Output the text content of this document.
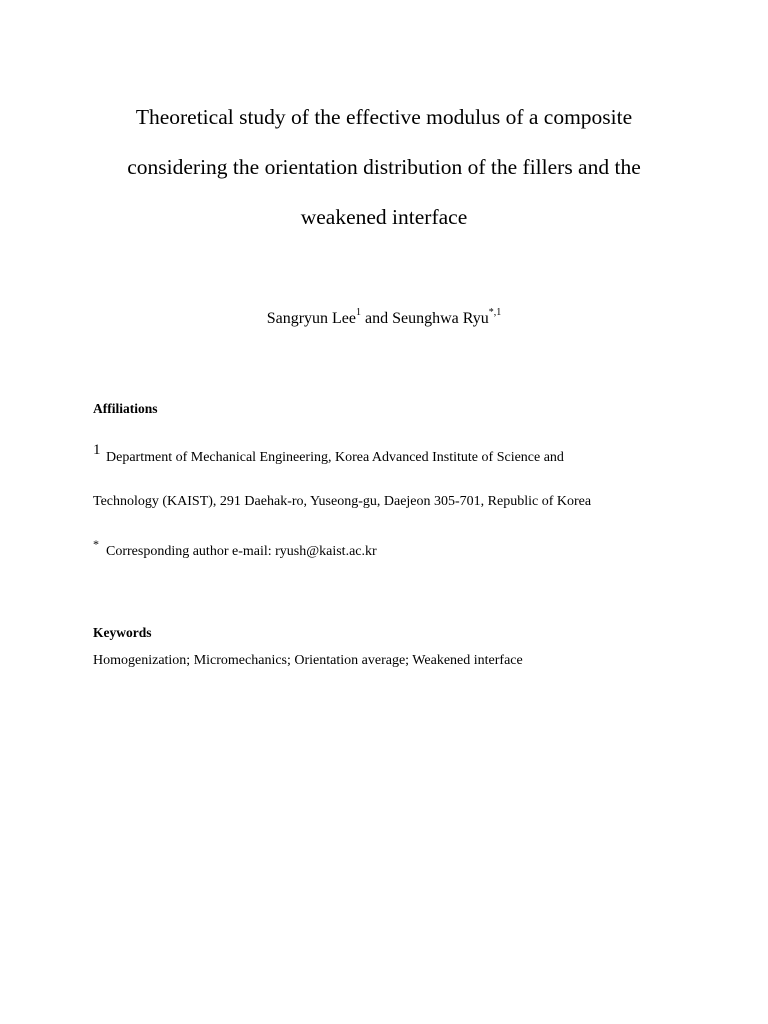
Theoretical study of the effective modulus of a composite
considering the orientation distribution of the fillers and the
weakened interface
Sangryun Lee$^1$ and Seunghwa Ryu$^{*,1}$
Affiliations
1 Department of Mechanical Engineering, Korea Advanced Institute of Science and
Technology (KAIST), 291 Daehak-ro, Yuseong-gu, Daejeon 305-701, Republic of Korea
* Corresponding author e-mail: ryush@kaist.ac.kr
Keywords
Homogenization; Micromechanics; Orientation average; Weakened interface
